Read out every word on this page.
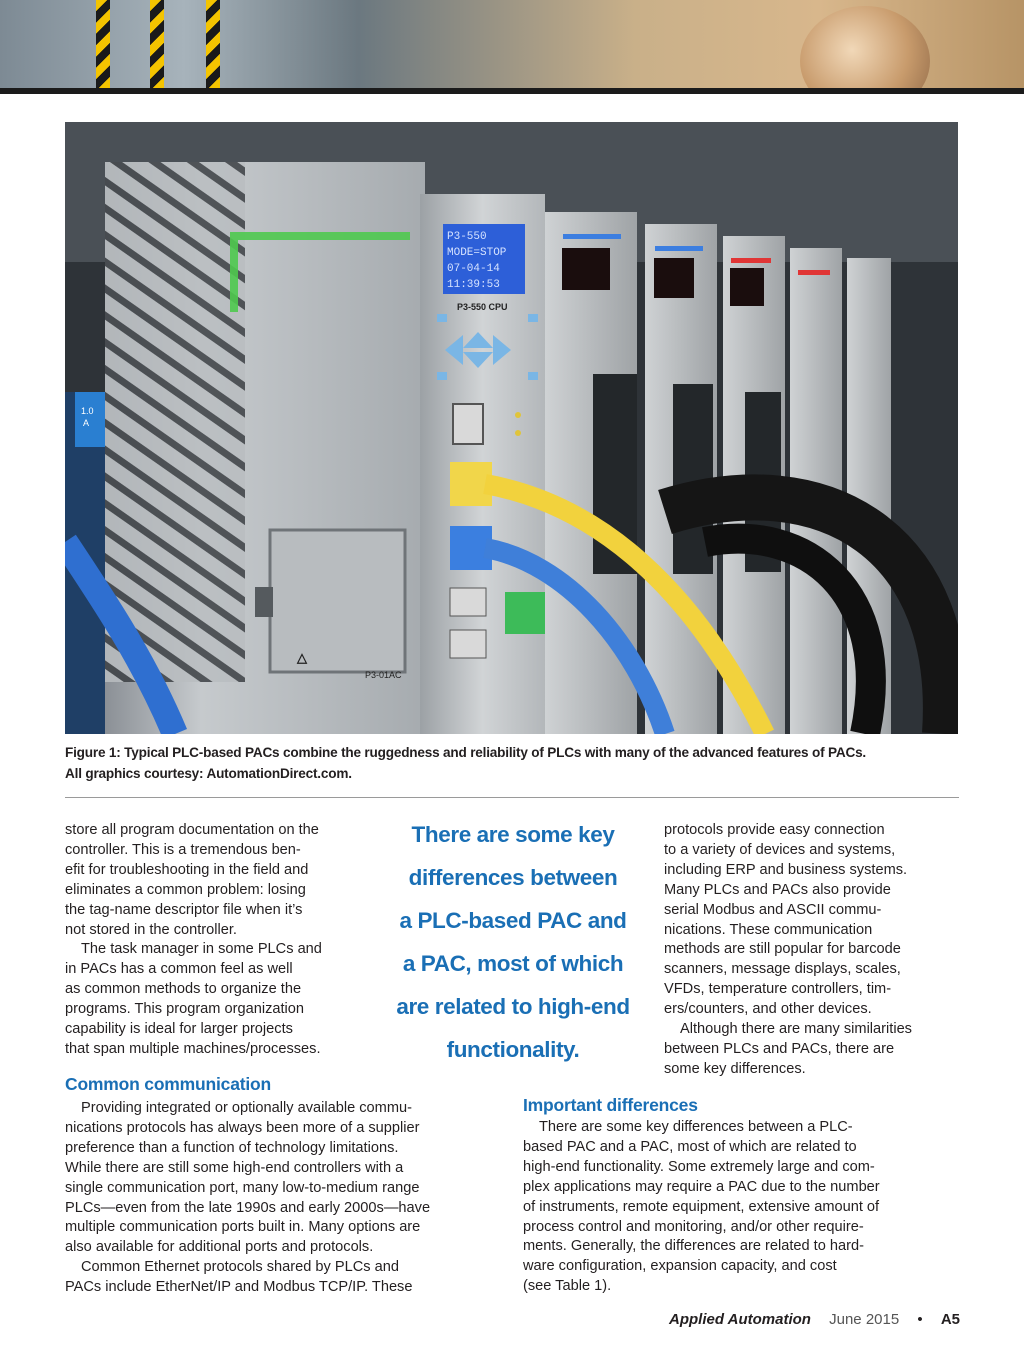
△
P3-01AC
1.0
A
P3-550
MODE=STOP
07-04-14
11:39:53
P3-550 CPU
Figure 1: Typical PLC-based PACs combine the ruggedness and reliability of PLCs with many of the advanced features of PACs.
All graphics courtesy: AutomationDirect.com.

store all program documentation on the
controller. This is a tremendous ben-
efit for troubleshooting in the field and
eliminates a common problem: losing
the tag-name descriptor file when it’s
not stored in the controller.

The task manager in some PLCs and
in PACs has a common feel as well
as common methods to organize the
programs. This program organization
capability is ideal for larger projects
that span multiple machines/processes.

There are some key
differences between
a PLC-based PAC and
a PAC, most of which
are related to high-end
functionality.

protocols provide easy connection
to a variety of devices and systems,
including ERP and business systems.
Many PLCs and PACs also provide
serial Modbus and ASCII commu-
nications. These communication
methods are still popular for barcode
scanners, message displays, scales,
VFDs, temperature controllers, tim-
ers/counters, and other devices.

Although there are many similarities
between PLCs and PACs, there are
some key differences.

Common communication

Providing integrated or optionally available commu-
nications protocols has always been more of a supplier
preference than a function of technology limitations.
While there are still some high-end controllers with a
single communication port, many low-to-medium range
PLCs—even from the late 1990s and early 2000s—have
multiple communication ports built in. Many options are
also available for additional ports and protocols.

Common Ethernet protocols shared by PLCs and
PACs include EtherNet/IP and Modbus TCP/IP. These

Important differences

There are some key differences between a PLC-
based PAC and a PAC, most of which are related to
high-end functionality. Some extremely large and com-
plex applications may require a PAC due to the number
of instruments, remote equipment, extensive amount of
process control and monitoring, and/or other require-
ments. Generally, the differences are related to hard-
ware configuration, expansion capacity, and cost
(see Table 1).

Applied Automation June 2015 • A5
